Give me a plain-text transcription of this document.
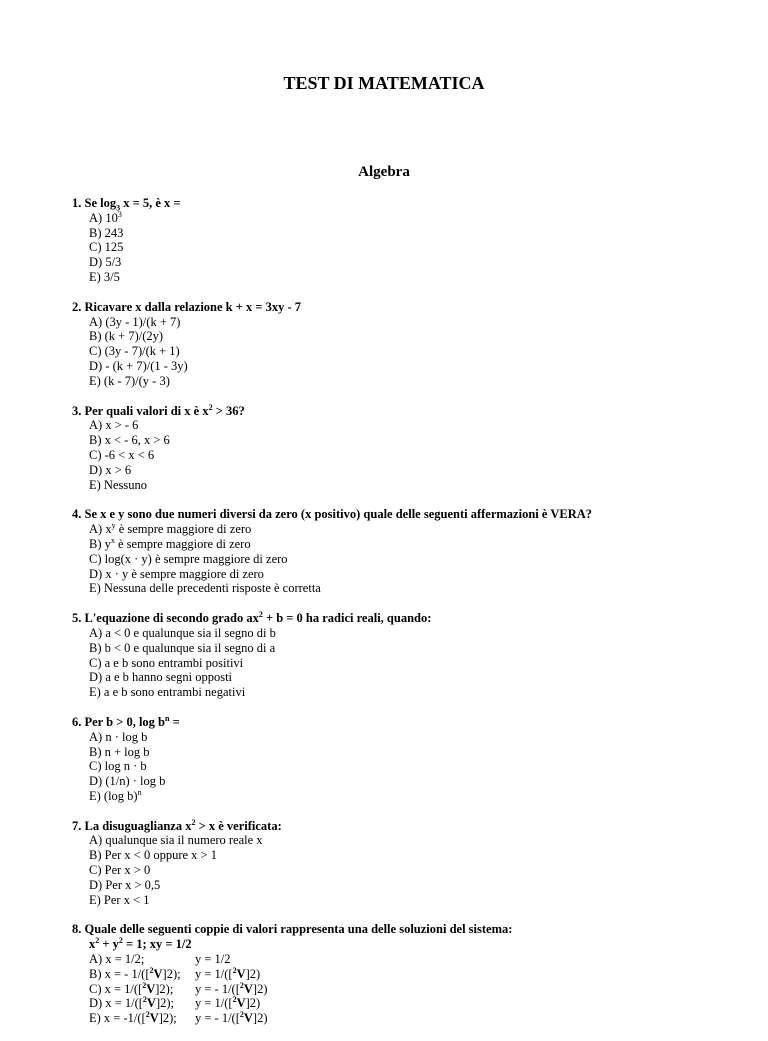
TEST DI MATEMATICA
Algebra
1. Se $\log_3 x = 5$, è x =
A) $10^3$
B) 243
C) 125
D) 5/3
E) 3/5
2. Ricavare x dalla relazione k + x = 3xy - 7
A) (3y - 1)/(k + 7)
B) (k + 7)/(2y)
C) (3y - 7)/(k + 1)
D) - (k + 7)/(1 - 3y)
E) (k - 7)/(y - 3)
3. Per quali valori di x è $x^2 > 36$?
A) x > - 6
B) x < - 6, x > 6
C) -6 < x < 6
D) x > 6
E) Nessuno
4. Se x e y sono due numeri diversi da zero (x positivo) quale delle seguenti affermazioni è VERA?
A) $x^y$ è sempre maggiore di zero
B) $y^x$ è sempre maggiore di zero
C) log(x · y) è sempre maggiore di zero
D) x · y è sempre maggiore di zero
E) Nessuna delle precedenti risposte è corretta
5. L'equazione di secondo grado $ax^2 + b = 0$ ha radici reali, quando:
A) a < 0 e qualunque sia il segno di b
B) b < 0 e qualunque sia il segno di a
C) a e b sono entrambi positivi
D) a e b hanno segni opposti
E) a e b sono entrambi negativi
6. Per b > 0, $\log b^n$ =
A) n · log b
B) n + log b
C) log n · b
D) (1/n) · log b
E) (log b)$^n$
7. La disuguaglianza $x^2 > x$ è verificata:
A) qualunque sia il numero reale x
B) Per x < 0 oppure x > 1
C) Per x > 0
D) Per x > 0,5
E) Per x < 1
8. Quale delle seguenti coppie di valori rappresenta una delle soluzioni del sistema:
$x^2 + y^2 = 1$; xy = 1/2
A) x = 1/2;	y = 1/2
B) x = - 1/([$^2$V]2); y = 1/([$^2$V]2)
C) x = 1/([$^2$V]2); y = - 1/([$^2$V]2)
D) x = 1/([$^2$V]2); y = 1/([$^2$V]2)
E) x = -1/([$^2$V]2); y = - 1/([$^2$V]2)
